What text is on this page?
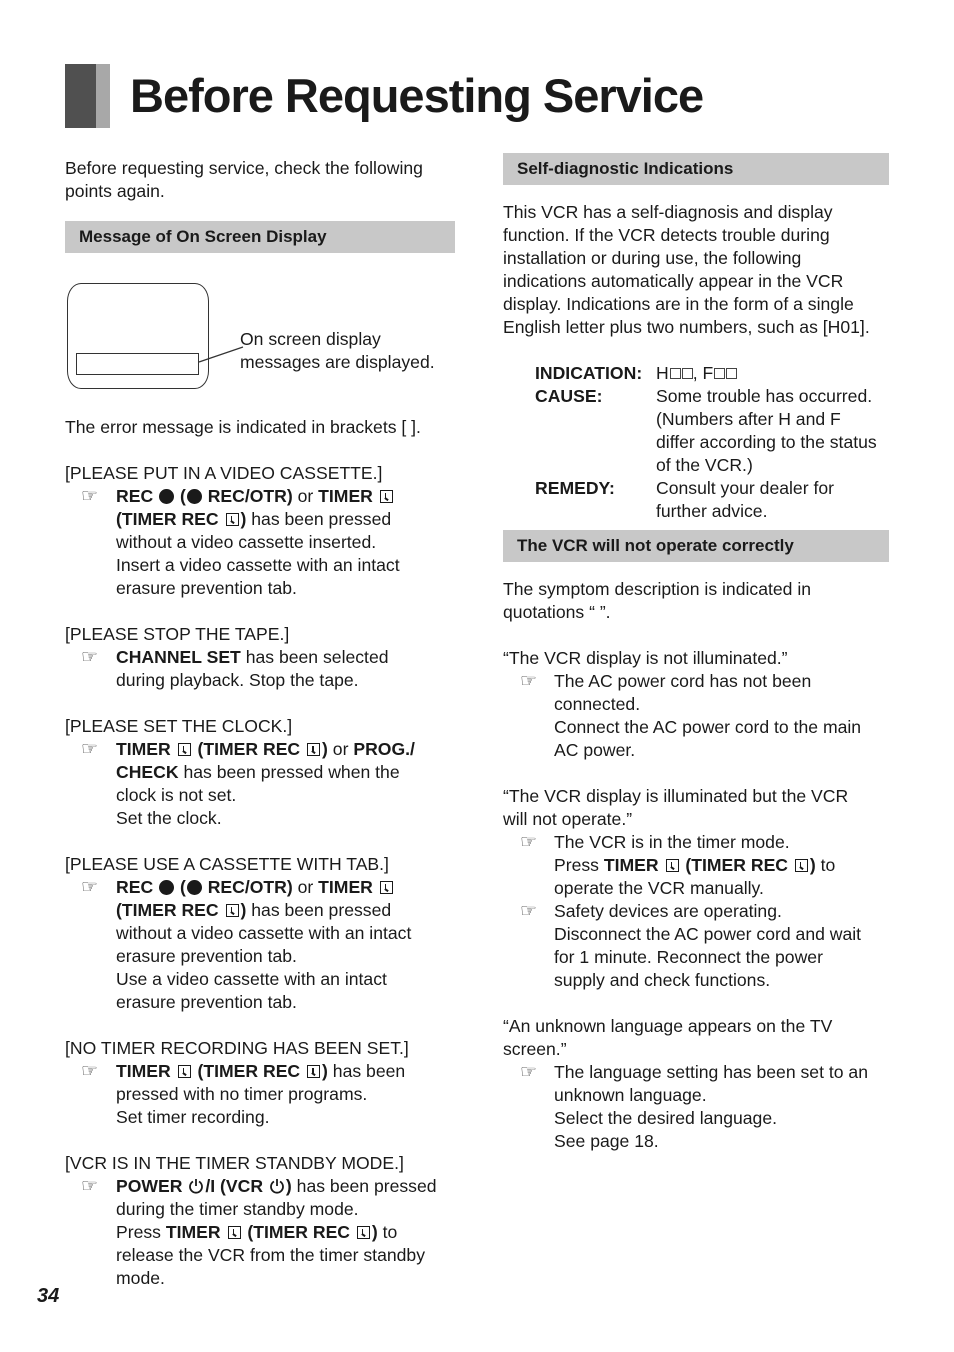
Before Requesting Service

Before requesting service, check the following points again.

Message of On Screen Display
On screen display
messages are displayed.

The error message is indicated in brackets [ ].

[PLEASE PUT IN A VIDEO CASSETTE.]
☞ REC ( REC/OTR) or TIMER
(TIMER REC ) has been pressed
without a video cassette inserted.
Insert a video cassette with an intact
erasure prevention tab.
[PLEASE STOP THE TAPE.]
☞ CHANNEL SET has been selected
during playback. Stop the tape.
[PLEASE SET THE CLOCK.]
☞ TIMER (TIMER REC ) or PROG./
CHECK has been pressed when the
clock is not set.
Set the clock.
[PLEASE USE A CASSETTE WITH TAB.]
☞ REC ( REC/OTR) or TIMER
(TIMER REC ) has been pressed
without a video cassette with an intact
erasure prevention tab.
Use a video cassette with an intact
erasure prevention tab.
[NO TIMER RECORDING HAS BEEN SET.]
☞ TIMER (TIMER REC ) has been
pressed with no timer programs.
Set timer recording.
[VCR IS IN THE TIMER STANDBY MODE.]
☞ POWER /I (VCR ) has been pressed
during the timer standby mode.
Press TIMER (TIMER REC ) to
release the VCR from the timer standby
mode.
Self-diagnostic Indications
This VCR has a self-diagnosis and display
function. If the VCR detects trouble during
installation or during use, the following
indications automatically appear in the VCR
display. Indications are in the form of a single
English letter plus two numbers, such as [H01].
INDICATION: H , F
CAUSE:	Some trouble has occurred.
(Numbers after H and F
differ according to the status
of the VCR.)
REMEDY: Consult your dealer for
further advice.
The VCR will not operate correctly
The symptom description is indicated in
quotations “ ”.
“The VCR display is not illuminated.”
☞ The AC power cord has not been
connected.
Connect the AC power cord to the main
AC power.
“The VCR display is illuminated but the VCR
will not operate.”
☞ The VCR is in the timer mode.
Press TIMER (TIMER REC ) to
operate the VCR manually.
☞ Safety devices are operating.
Disconnect the AC power cord and wait
for 1 minute. Reconnect the power
supply and check functions.
“An unknown language appears on the TV
screen.”
☞ The language setting has been set to an
unknown language.
Select the desired language.
See page 18.
34
